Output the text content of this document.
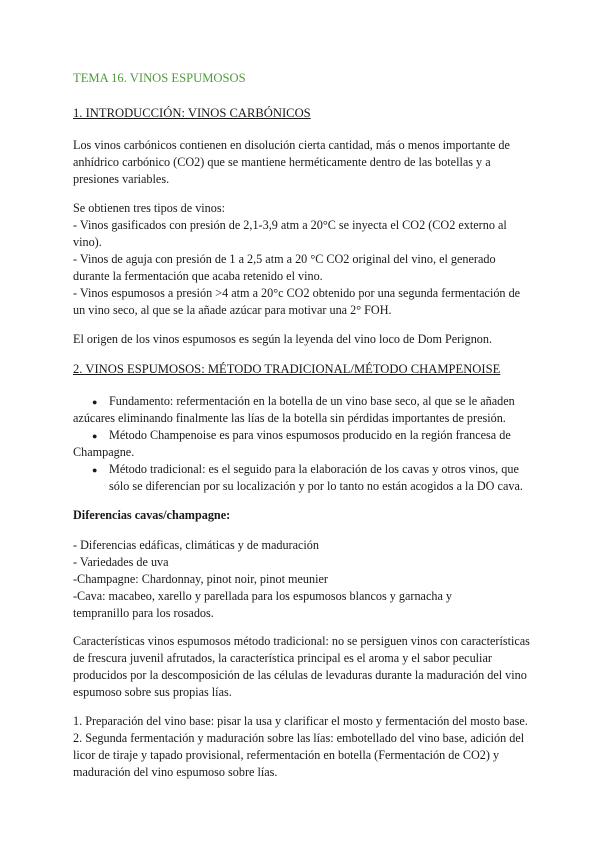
TEMA 16. VINOS ESPUMOSOS
1. INTRODUCCIÓN: VINOS CARBÓNICOS
Los vinos carbónicos contienen en disolución cierta cantidad, más o menos importante de
anhídrico carbónico (CO2) que se mantiene herméticamente dentro de las botellas y a
presiones variables.
Se obtienen tres tipos de vinos:
- Vinos gasificados con presión de 2,1-3,9 atm a 20°C se inyecta el CO2 (CO2 externo al
vino).
- Vinos de aguja con presión de 1 a 2,5 atm a 20 °C CO2 original del vino, el generado
durante la fermentación que acaba retenido el vino.
- Vinos espumosos a presión >4 atm a 20°c CO2 obtenido por una segunda fermentación de
un vino seco, al que se la añade azúcar para motivar una 2° FOH.
El origen de los vinos espumosos es según la leyenda del vino loco de Dom Perignon.
2. VINOS ESPUMOSOS: MÉTODO TRADICIONAL/MÉTODO CHAMPENOISE
● Fundamento: refermentación en la botella de un vino base seco, al que se le añaden
azúcares eliminando finalmente las lías de la botella sin pérdidas importantes de presión.
● Método Champenoise es para vinos espumosos producido en la región francesa de
Champagne.
● Método tradicional: es el seguido para la elaboración de los cavas y otros vinos, que
sólo se diferencian por su localización y por lo tanto no están acogidos a la DO cava.
Diferencias cavas/champagne:
- Diferencias edáficas, climáticas y de maduración
- Variedades de uva
-Champagne: Chardonnay, pinot noir, pinot meunier
-Cava: macabeo, xarello y parellada para los espumosos blancos y garnacha y
tempranillo para los rosados.
Características vinos espumosos método tradicional: no se persiguen vinos con características
de frescura juvenil afrutados, la característica principal es el aroma y el sabor peculiar
producidos por la descomposición de las células de levaduras durante la maduración del vino
espumoso sobre sus propias lías.
1. Preparación del vino base: pisar la usa y clarificar el mosto y fermentación del mosto base.
2. Segunda fermentación y maduración sobre las lías: embotellado del vino base, adición del
licor de tiraje y tapado provisional, refermentación en botella (Fermentación de CO2) y
maduración del vino espumoso sobre lías.
